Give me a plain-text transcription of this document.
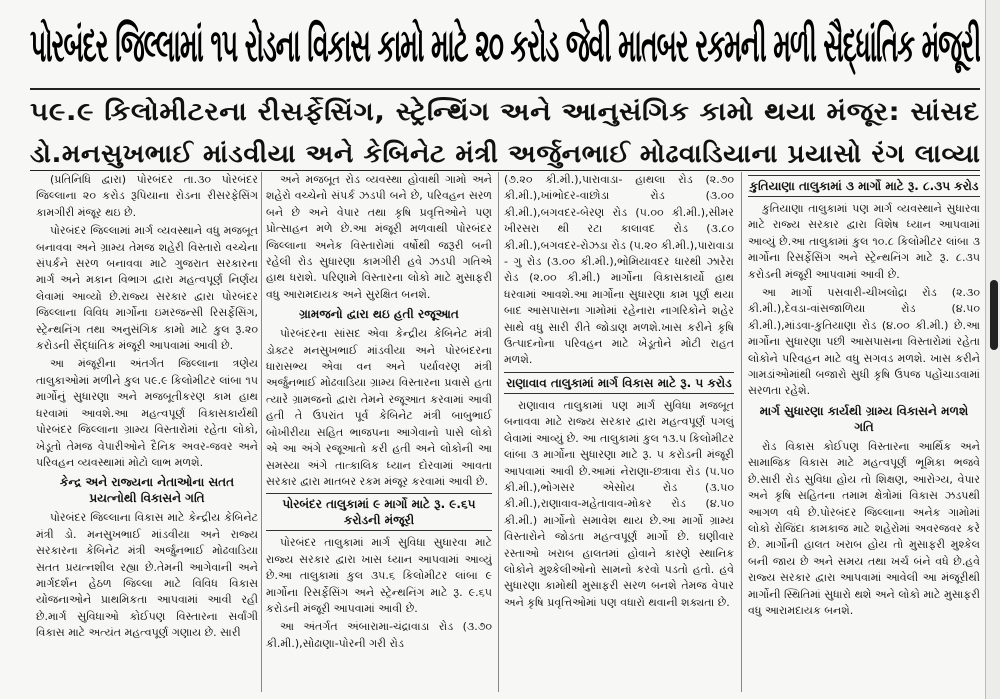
પોરબંદર જિલ્લામાં ૧૫ રોડના વિકાસ કામો માટે ૨૦ કરોડ જેવી માતબર રકમની મળી સૈદ્ધાંતિક મંજૂરી
૫૯.૯ કિલોમીટરના રીસર્ફેસિંગ, સ્ટ્રેન્થિંગ અને આનુસંગિક કામો થયા મંજૂર: સાંસદ
ડો.મનસુખભાઈ માંડવીયા અને કેબિનેટ મંત્રી અર્જુનભાઈ મોઢવાડિયાના પ્રયાસો રંગ લાવ્યા

(પ્રતિનિધિ દ્વારા) પોરબંદર તા.૩૦ પોરબંદર જિલ્લાના ૨૦ કરોડ રૂપિયાના રોડના રીસરફેસિંગ કામગીરી મંજૂર થઇ છે.

પોરબંદર જિલ્લામાં માર્ગ વ્યવસ્થાને વધુ મજબૂત બનાવવા અને ગ્રામ્ય તેમજ શહેરી વિસ્તારો વચ્ચેના સંપર્કને સરળ બનાવવા માટે ગુજરાત સરકારના માર્ગ અને મકાન વિભાગ દ્વારા મહત્વપૂર્ણ નિર્ણય લેવામાં આવ્યો છે.રાજ્ય સરકાર દ્વારા પોરબંદર જિલ્લાના વિવિધ માર્ગોના ઇમરજન્સી રિસર્ફેસિંગ, સ્ટ્રેન્થનિંગ તથા અનુસંગિક કામો માટે કુલ રૂ.૨૦ કરોડની સૈદ્ધાંતિક મંજૂરી આપવામાં આવી છે.

આ મંજૂરીના અંતર્ગત જિલ્લાના ત્રણેય તાલુકાઓમાં મળીને કુલ ૫૯.૯ કિલોમીટર લાંબા ૧૫ માર્ગોનું સુધારણા અને મજબૂતીકરણ કામ હાથ ધરવામાં આવશે.આ મહત્વપૂર્ણ વિકાસકાર્યથી પોરબંદર જિલ્લાના ગ્રામ્ય વિસ્તારોમાં રહેતા લોકો, ખેડૂતો તેમજ વેપારીઓને દૈનિક અવર-જવર અને પરિવહન વ્યવસ્થામાં મોટો લાભ મળશે.

કેન્દ્ર અને રાજ્યના નેતાઓના સતત પ્રયત્નોથી વિકાસને ગતિ

પોરબંદર જિલ્લાના વિકાસ માટે કેન્દ્રીય કેબિનેટ મંત્રી ડો. મનસુખભાઈ માંડવીયા અને રાજ્ય સરકારના કેબિનેટ મંત્રી અર્જુનભાઈ મોઢવાડિયા સતત પ્રયત્નશીલ રહ્યા છે.તેમની આગેવાની અને માર્ગદર્શન હેઠળ જિલ્લા માટે વિવિધ વિકાસ યોજનાઓને પ્રાથમિકતા આપવામાં આવી રહી છે.માર્ગ સુવિધાઓ કોઈપણ વિસ્તારના સર્વાંગી વિકાસ માટે અત્યંત મહત્વપૂર્ણ ગણાય છે. સારી

અને મજબૂત રોડ વ્યવસ્થા હોવાથી ગામો અને શહેરો વચ્ચેનો સંપર્ક ઝડપી બને છે, પરિવહન સરળ બને છે અને વેપાર તથા કૃષિ પ્રવૃત્તિઓને પણ પ્રોત્સાહન મળે છે.આ મંજૂરી મળવાથી પોરબંદર જિલ્લાના અનેક વિસ્તારોમાં વર્ષોથી જરૂરી બની રહેલી રોડ સુધારણા કામગીરી હવે ઝડપી ગતિએ હાથ ધરાશે. પરિણામે વિસ્તારના લોકો માટે મુસાફરી વધુ આરામદાયક અને સુરક્ષિત બનશે.

ગ્રામજનો દ્વારા થઇ હતી રજૂઆત

પોરબંદરના સાંસદ એવા કેન્દ્રીય કેબિનેટ મંત્રી ડોક્ટર મનસુખભાઈ માંડવીયા અને પોરબંદરના ધારાસભ્ય એવા વન અને પર્યાવરણ મંત્રી અર્જુનભાઈ મોઢવાડિયા ગ્રામ્ય વિસ્તારના પ્રવાસે હતા ત્યારે ગ્રામજનો દ્વારા તેમને રજૂઆત કરવામાં આવી હતી તે ઉપરાંત પૂર્વ કેબિનેટ મંત્રી બાબુભાઈ બોખીરીયા સહિત ભાજપના આગેવાનો પાસે લોકો એ આ અંગે રજૂઆતો કરી હતી અને લોકોની આ સમસ્યા અંગે તાત્કાલિક ધ્યાન દોરવામાં આવતા સરકાર દ્વારા માતબર રકમ મંજૂર કરવામાં આવી છે.

પોરબંદર તાલુકામાં ૯ માર્ગો માટે રૂ. ૯.૬૫ કરોડની મંજૂરી

પોરબંદર તાલુકામાં માર્ગ સુવિધા સુધારવા માટે રાજ્ય સરકાર દ્વારા ખાસ ધ્યાન આપવામાં આવ્યું છે.આ તાલુકામાં કુલ ૩૫.૬ કિલોમીટર લાંબા ૯ માર્ગોના રિસર્ફેસિંગ અને સ્ટ્રેન્થનિંગ માટે રૂ. ૯.૬૫ કરોડની મંજૂરી આપવામાં આવી છે.

આ અંતર્ગત અંબારામા-ચંદ્રાવાડા રોડ (૩.૭૦ કી.મી.),સોઢાણા-પોરની ગરી રોડ

(૭.૨૦ કી.મી.),પારાવાડા- હાથલા રોડ (૨.૭૦ કી.મી.),ખાંભોદર-વાછોડા રોડ (૩.૦૦ કી.મી.),બગવદર-બેરણ રોડ (૫.૦૦ કી.મી.),સીમર ખીરસરા થી રટા કાલાવદ રોડ (૩.૮૦ કી.મી.),બગવદર-રોઝડા રોડ (૫.૨૦ કી.મી.),પારાવાડા - ગુ રોડ (૩.૦૦ કી.મી.),ભોમિયાવદર ધારથી ઝારેરા રોડ (૨.૦૦ કી.મી.) માર્ગોના વિકાસકાર્યો હાથ ધરવામાં આવશે.આ માર્ગોના સુધારણા કામ પૂર્ણ થયા બાદ આસપાસના ગામોમાં રહેનારા નાગરિકોને શહેર સાથે વધુ સારી રીતે જોડાણ મળશે.ખાસ કરીને કૃષિ ઉત્પાદનોના પરિવહન માટે ખેડૂતોને મોટી રાહત મળશે.

રાણાવાવ તાલુકામાં માર્ગ વિકાસ માટે રૂ. ૫ કરોડ

રાણાવાવ તાલુકામાં પણ માર્ગ સુવિધા મજબૂત બનાવવા માટે રાજ્ય સરકાર દ્વારા મહત્વપૂર્ણ પગલું લેવામાં આવ્યું છે. આ તાલુકામાં કુલ ૧૩.૫ કિલોમીટર લાંબા ૩ માર્ગોના સુધારણા માટે રૂ. ૫ કરોડની મંજૂરી આપવામાં આવી છે.આમાં નેરાણા-છત્રાવા રોડ (૫.૫૦ કી.મી.),ભોગસર એસોય રોડ (૩.૫૦ કી.મી.),રાણાવાવ-મહેતાવાવ-મોકર રોડ (૪.૫૦ કી.મી.) માર્ગોનો સમાવેશ થાય છે.આ માર્ગો ગ્રામ્ય વિસ્તારોને જોડતા મહત્વપૂર્ણ માર્ગો છે. ઘણીવાર રસ્તાઓ ખરાબ હાલતમાં હોવાને કારણે સ્થાનિક લોકોને મુશ્કેલીઓનો સામનો કરવો પડતો હતો. હવે સુધારણા કામોથી મુસાફરી સરળ બનશે તેમજ વેપાર અને કૃષિ પ્રવૃત્તિઓમાં પણ વધારો થવાની શક્યતા છે.

કુતિયાણા તાલુકામાં ૩ માર્ગો માટે રૂ. ૮.૩૫ કરોડ

કુતિયાણા તાલુકામાં પણ માર્ગ વ્યવસ્થાને સુધારવા માટે રાજ્ય સરકાર દ્વારા વિશેષ ધ્યાન આપવામાં આવ્યું છે.આ તાલુકામાં કુલ ૧૦.૮ કિલોમીટર લાંબા ૩ માર્ગોના રિસર્ફેસિંગ અને સ્ટ્રેન્થનિંગ માટે રૂ. ૮.૩૫ કરોડની મંજૂરી આપવામાં આવી છે.

આ માર્ગો પસવારી-ચીખલોદ્રા રોડ (૨.૩૦ કી.મી.),દેવડા-વાંસજાળિયા રોડ (૪.૫૦ કી.મી.),માંડવા-કુતિયાણા રોડ (૪.૦૦ કી.મી.) છે.આ માર્ગોના સુધારણા પછી આસપાસના વિસ્તારોમાં રહેતા લોકોને પરિવહન માટે વધુ સગવડ મળશે. ખાસ કરીને ગામડાંઓમાંથી બજારો સુધી કૃષિ ઉપજ પહોંચાડવામાં સરળતા રહેશે.

માર્ગ સુધારણા કાર્યથી ગ્રામ્ય વિકાસને મળશે ગતિ

રોડ વિકાસ કોઈપણ વિસ્તારના આર્થિક અને સામાજિક વિકાસ માટે મહત્વપૂર્ણ ભૂમિકા ભજવે છે.સારી રોડ સુવિધા હોય તો શિક્ષણ, આરોગ્ય, વેપાર અને કૃષિ સહિતના તમામ ક્ષેત્રોમાં વિકાસ ઝડપથી આગળ વધે છે.પોરબંદર જિલ્લાના અનેક ગામોમાં લોકો રોજિંદા કામકાજ માટે શહેરોમાં અવરજવર કરે છે. માર્ગોની હાલત ખરાબ હોય તો મુસાફરી મુશ્કેલ બની જાય છે અને સમય તથા ખર્ચ બંને વધે છે.હવે રાજ્ય સરકાર દ્વારા આપવામાં આવેલી આ મંજૂરીથી માર્ગોની સ્થિતિમાં સુધારો થશે અને લોકો માટે મુસાફરી વધુ આરામદાયક બનશે.
